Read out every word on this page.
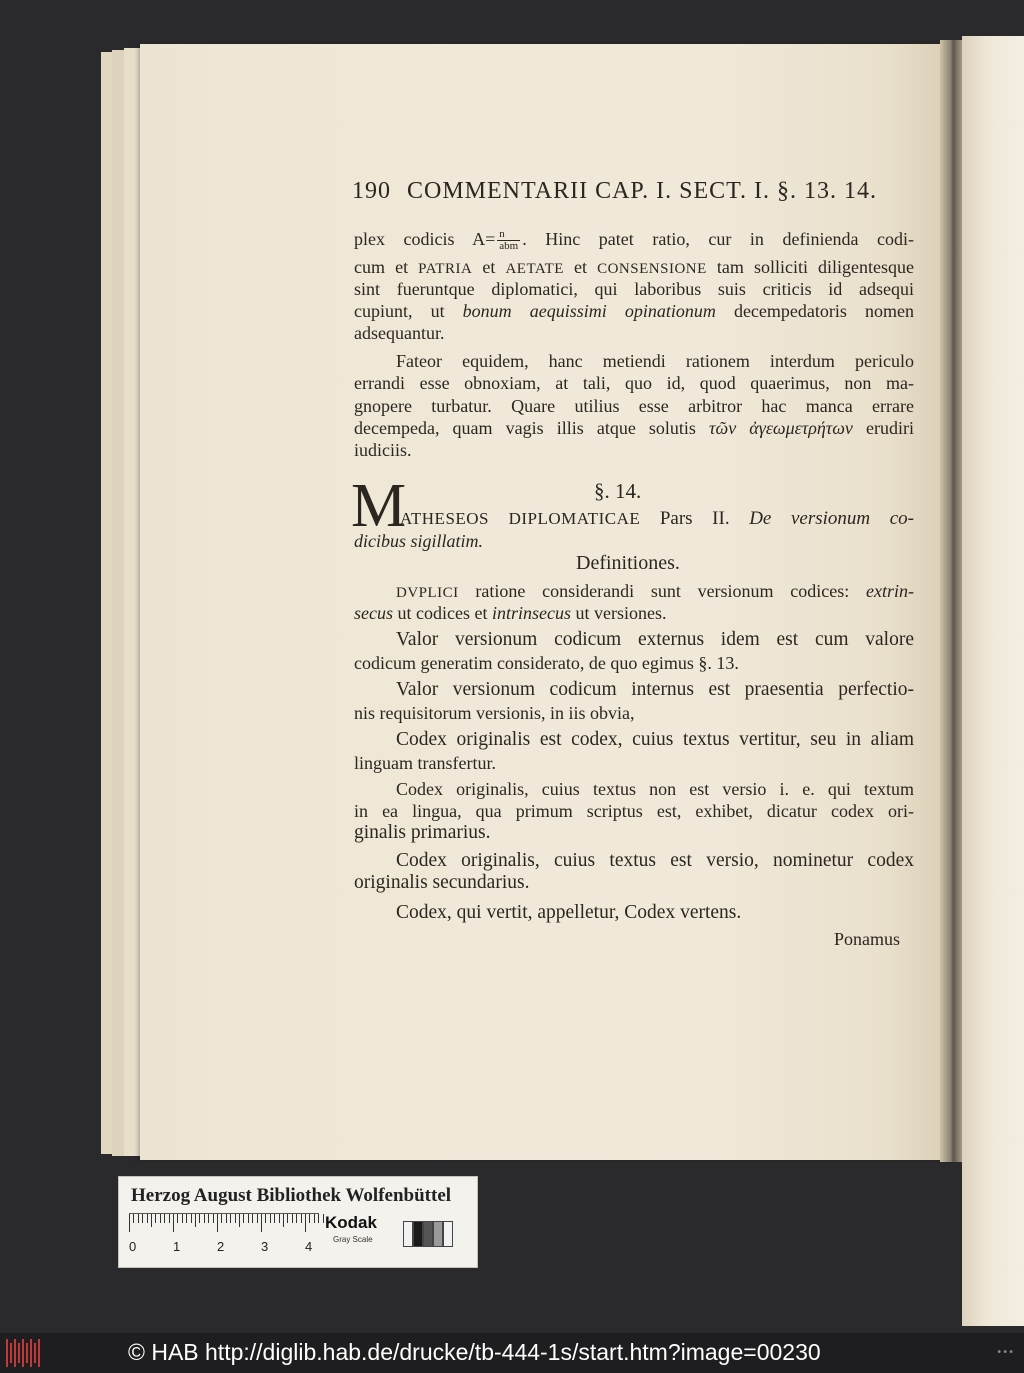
190 COMMENTARII CAP. I. SECT. I. §. 13. 14.
plex codicis $A= \frac{n}{\text{abm}}$ . Hinc patet ratio, cur in definienda codi-
cum et PATRIA et AETATE et CONSENSIONE tam solliciti diligentesque
sint fueruntque diplomatici, qui laboribus suis criticis id adsequi
cupiunt, ut bonum aequissimi opinationum decempedatoris nomen
adsequantur.
Fateor equidem, hanc metiendi rationem interdum periculo
errandi esse obnoxiam, at tali, quo id, quod quaerimus, non ma-
gnopere turbatur. Quare utilius esse arbitror hac manca errare
decempeda, quam vagis illis atque solutis τῶν ἀγεωμετρήτων erudiri
iudiciis.
§. 14.
M
ATHESEOS DIPLOMATICAE Pars II. De versionum co-
dicibus sigillatim.
Definitiones.
DVPLICI ratione considerandi sunt versionum codices: extrin-
secus ut codices et intrinsecus ut versiones.
Valor versionum codicum externus idem est cum valore
codicum generatim considerato, de quo egimus §. 13.
Valor versionum codicum internus est praesentia perfectio-
nis requisitorum versionis, in iis obvia,
Codex originalis est codex, cuius textus vertitur, seu in aliam
linguam transfertur.
Codex originalis, cuius textus non est versio i. e. qui textum
in ea lingua, qua primum scriptus est, exhibet, dicatur codex ori-
ginalis primarius.
Codex originalis, cuius textus est versio, nominetur codex
originalis secundarius.
Codex, qui vertit, appelletur, Codex vertens.
Ponamus
Herzog August Bibliothek Wolfenbüttel
0	1	2	3	4
Kodak
Gray Scale
© HAB http://diglib.hab.de/drucke/tb-444-1s/start.htm?image=00230	•••
